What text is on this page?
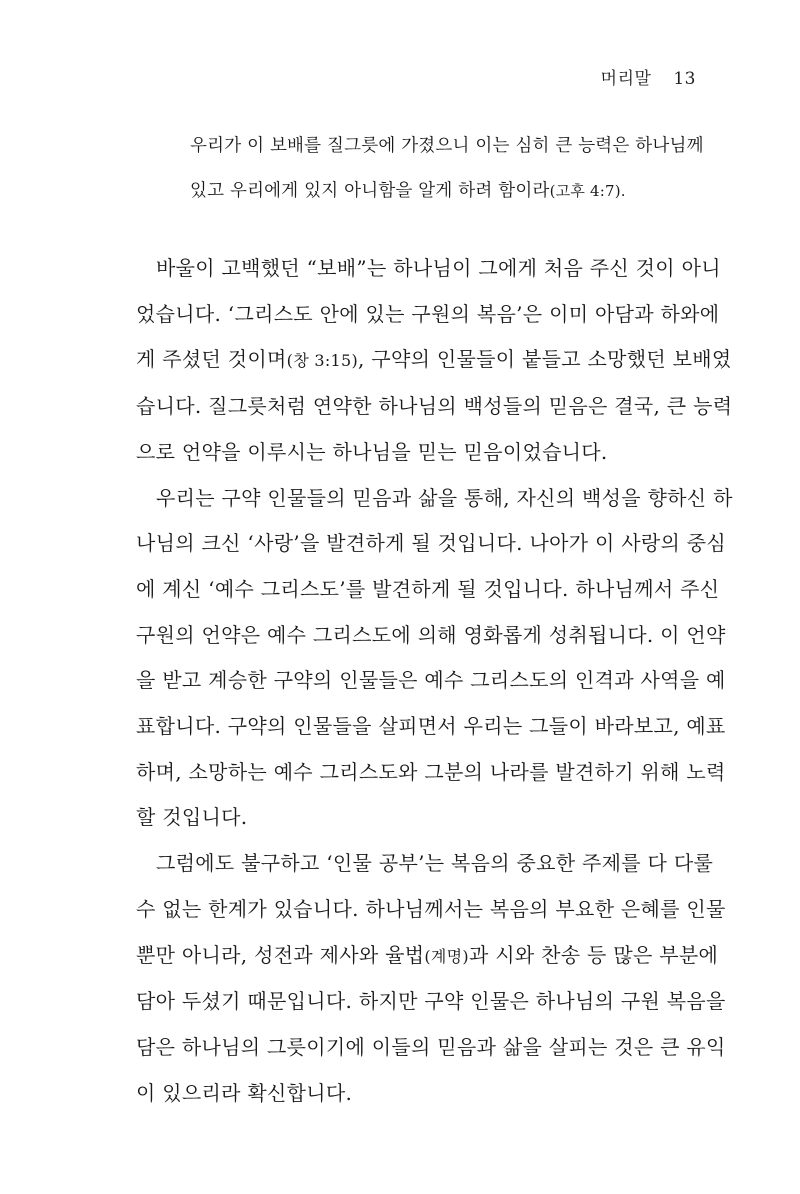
머리말 13

우리가 이 보배를 질그릇에 가졌으니 이는 심히 큰 능력은 하나님께

있고 우리에게 있지 아니함을 알게 하려 함이라(고후 4:7).

바울이 고백했던 “보배”는 하나님이 그에게 처음 주신 것이 아니
었습니다. ‘그리스도 안에 있는 구원의 복음’은 이미 아담과 하와에
게 주셨던 것이며(창 3:15), 구약의 인물들이 붙들고 소망했던 보배였
습니다. 질그릇처럼 연약한 하나님의 백성들의 믿음은 결국, 큰 능력
으로 언약을 이루시는 하나님을 믿는 믿음이었습니다.
우리는 구약 인물들의 믿음과 삶을 통해, 자신의 백성을 향하신 하
나님의 크신 ‘사랑’을 발견하게 될 것입니다. 나아가 이 사랑의 중심
에 계신 ‘예수 그리스도’를 발견하게 될 것입니다. 하나님께서 주신
구원의 언약은 예수 그리스도에 의해 영화롭게 성취됩니다. 이 언약
을 받고 계승한 구약의 인물들은 예수 그리스도의 인격과 사역을 예
표합니다. 구약의 인물들을 살피면서 우리는 그들이 바라보고, 예표
하며, 소망하는 예수 그리스도와 그분의 나라를 발견하기 위해 노력
할 것입니다.
그럼에도 불구하고 ‘인물 공부’는 복음의 중요한 주제를 다 다룰
수 없는 한계가 있습니다. 하나님께서는 복음의 부요한 은혜를 인물
뿐만 아니라, 성전과 제사와 율법(계명)과 시와 찬송 등 많은 부분에
담아 두셨기 때문입니다. 하지만 구약 인물은 하나님의 구원 복음을
담은 하나님의 그릇이기에 이들의 믿음과 삶을 살피는 것은 큰 유익
이 있으리라 확신합니다.
